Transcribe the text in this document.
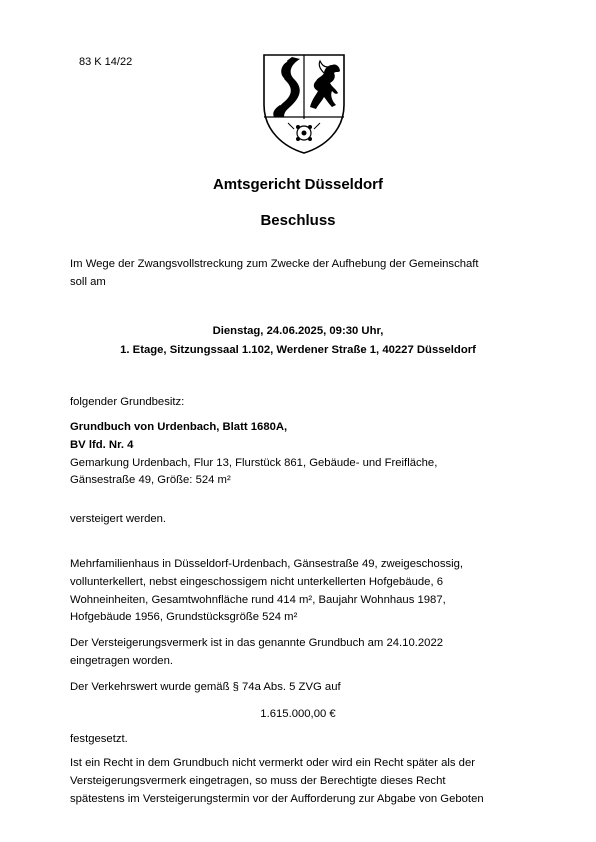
83 K 14/22
Amtsgericht Düsseldorf
Beschluss
Im Wege der Zwangsvollstreckung zum Zwecke der Aufhebung der Gemeinschaft
soll am
Dienstag, 24.06.2025, 09:30 Uhr,
1. Etage, Sitzungssaal 1.102, Werdener Straße 1, 40227 Düsseldorf
folgender Grundbesitz:
Grundbuch von Urdenbach, Blatt 1680A,
BV lfd. Nr. 4
Gemarkung Urdenbach, Flur 13, Flurstück 861, Gebäude- und Freifläche,
Gänsestraße 49, Größe: 524 m²
versteigert werden.
Mehrfamilienhaus in Düsseldorf-Urdenbach, Gänsestraße 49, zweigeschossig,
vollunterkellert, nebst eingeschossigem nicht unterkellerten Hofgebäude, 6
Wohneinheiten, Gesamtwohnfläche rund 414 m², Baujahr Wohnhaus 1987,
Hofgebäude 1956, Grundstücksgröße 524 m²
Der Versteigerungsvermerk ist in das genannte Grundbuch am 24.10.2022
eingetragen worden.
Der Verkehrswert wurde gemäß § 74a Abs. 5 ZVG auf
1.615.000,00 €
festgesetzt.
Ist ein Recht in dem Grundbuch nicht vermerkt oder wird ein Recht später als der
Versteigerungsvermerk eingetragen, so muss der Berechtigte dieses Recht
spätestens im Versteigerungstermin vor der Aufforderung zur Abgabe von Geboten
